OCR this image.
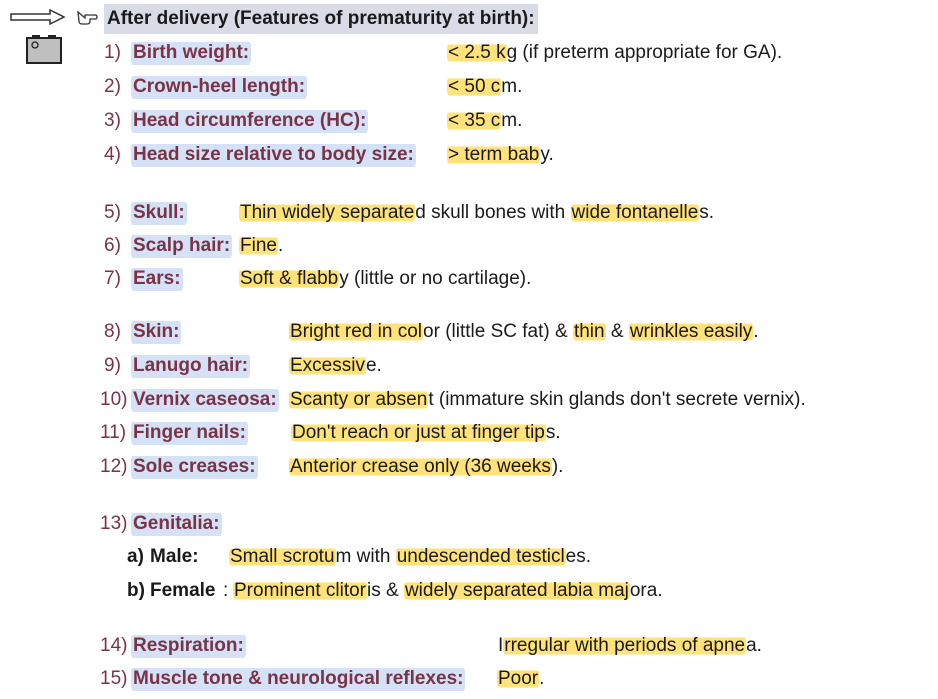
After delivery (Features of prematurity at birth):
1) Birth weight:	< 2.5 kg (if preterm appropriate for GA).
2) Crown-heel length:	< 50 cm.
3) Head circumference (HC):	< 35 cm.
4) Head size relative to body size: > term baby.
5) Skull:	Thin widely separated skull bones with wide fontanelles.
6) Scalp hair: Fine.
7) Ears:	Soft & flabby (little or no cartilage).
8) Skin:	Bright red in color (little SC fat) & thin & wrinkles easily.
9) Lanugo hair: Excessive.
10) Vernix caseosa: Scanty or absent (immature skin glands don't secrete vernix).
11) Finger nails: Don't reach or just at finger tips.
12) Sole creases: Anterior crease only (36 weeks).
13) Genitalia:
a) Male: Small scrotum with undescended testicles.
b) Female : Prominent clitoris & widely separated labia majora.
14) Respiration:	Irregular with periods of apnea.
15) Muscle tone & neurological reflexes: Poor.
